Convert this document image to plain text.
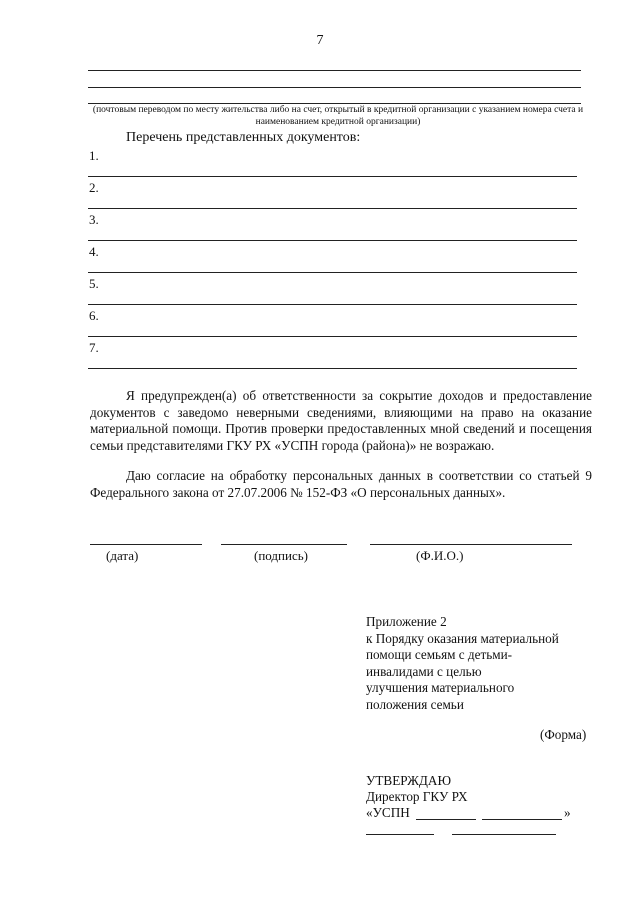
7
(почтовым переводом по месту жительства либо на счет, открытый в кредитной организации с указанием номера счета и наименованием кредитной организации)
Перечень представленных документов:
1.
2.
3.
4.
5.
6.
7.
Я предупрежден(а) об ответственности за сокрытие доходов и предоставление документов с заведомо неверными сведениями, влияющими на право на оказание материальной помощи. Против проверки предоставленных мной сведений и посещения семьи представителями ГКУ РХ «УСПН города (района)» не возражаю.
Даю согласие на обработку персональных данных в соответствии со статьей 9 Федерального закона от 27.07.2006 № 152-ФЗ «О персональных данных».
(дата)	(подпись)	(Ф.И.О.)
Приложение 2
к Порядку оказания материальной
помощи семьям с детьми-
инвалидами с целью
улучшения материального
положения семьи
(Форма)
УТВЕРЖДАЮ
Директор ГКУ РХ
«УСПН	»
